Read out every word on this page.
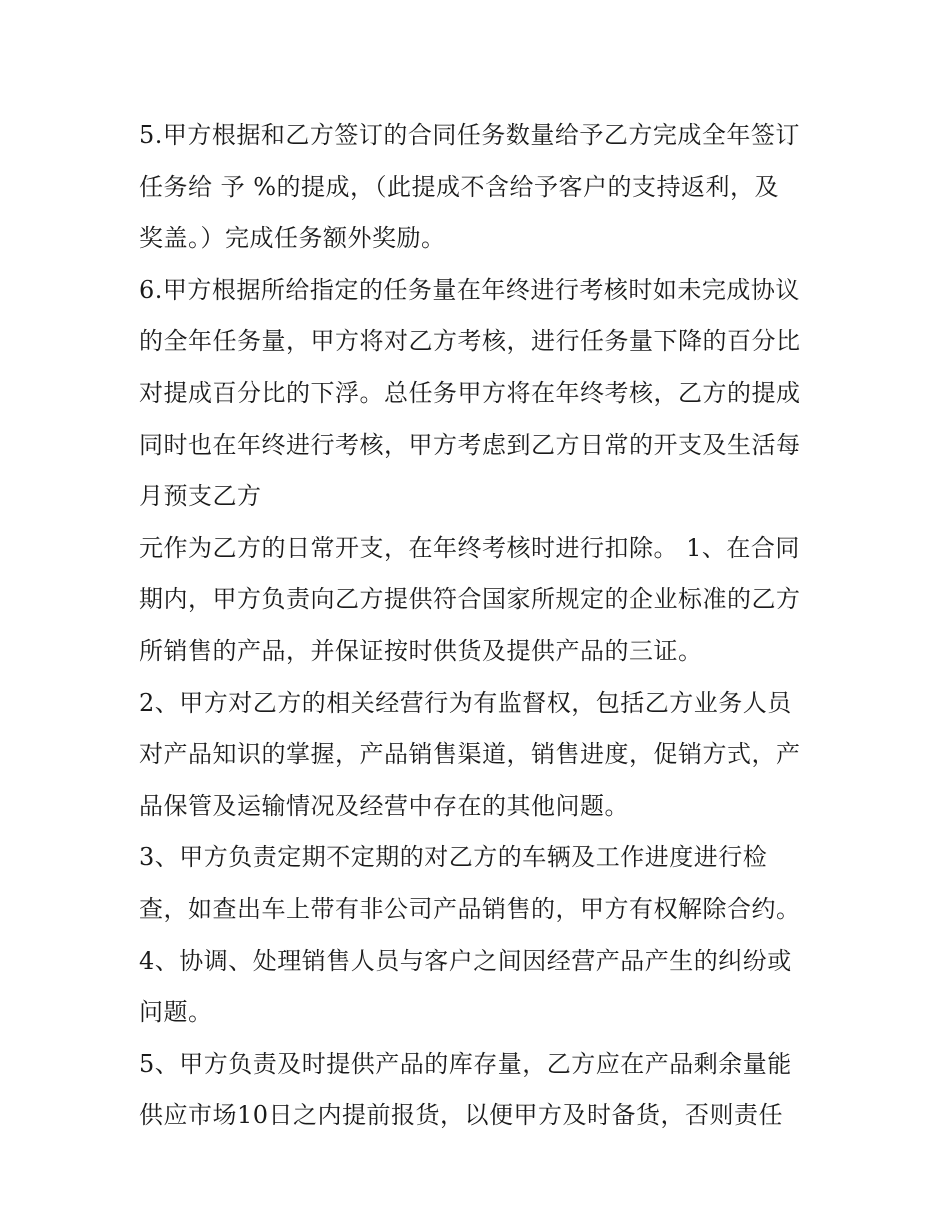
5.甲方根据和乙方签订的合同任务数量给予乙方完成全年签订
任务给 予 %的提成，（此提成不含给予客户的支持返利，及
奖盖。）完成任务额外奖励。
6.甲方根据所给指定的任务量在年终进行考核时如未完成协议
的全年任务量，甲方将对乙方考核，进行任务量下降的百分比
对提成百分比的下浮。总任务甲方将在年终考核，乙方的提成
同时也在年终进行考核，甲方考虑到乙方日常的开支及生活每
月预支乙方
元作为乙方的日常开支，在年终考核时进行扣除。 1、在合同
期内，甲方负责向乙方提供符合国家所规定的企业标准的乙方
所销售的产品，并保证按时供货及提供产品的三证。
2、甲方对乙方的相关经营行为有监督权，包括乙方业务人员
对产品知识的掌握，产品销售渠道，销售进度，促销方式，产
品保管及运输情况及经营中存在的其他问题。
3、甲方负责定期不定期的对乙方的车辆及工作进度进行检
查，如查出车上带有非公司产品销售的，甲方有权解除合约。
4、协调、处理销售人员与客户之间因经营产品产生的纠纷或
问题。
5、甲方负责及时提供产品的库存量，乙方应在产品剩余量能
供应市场10日之内提前报货，以便甲方及时备货，否则责任
